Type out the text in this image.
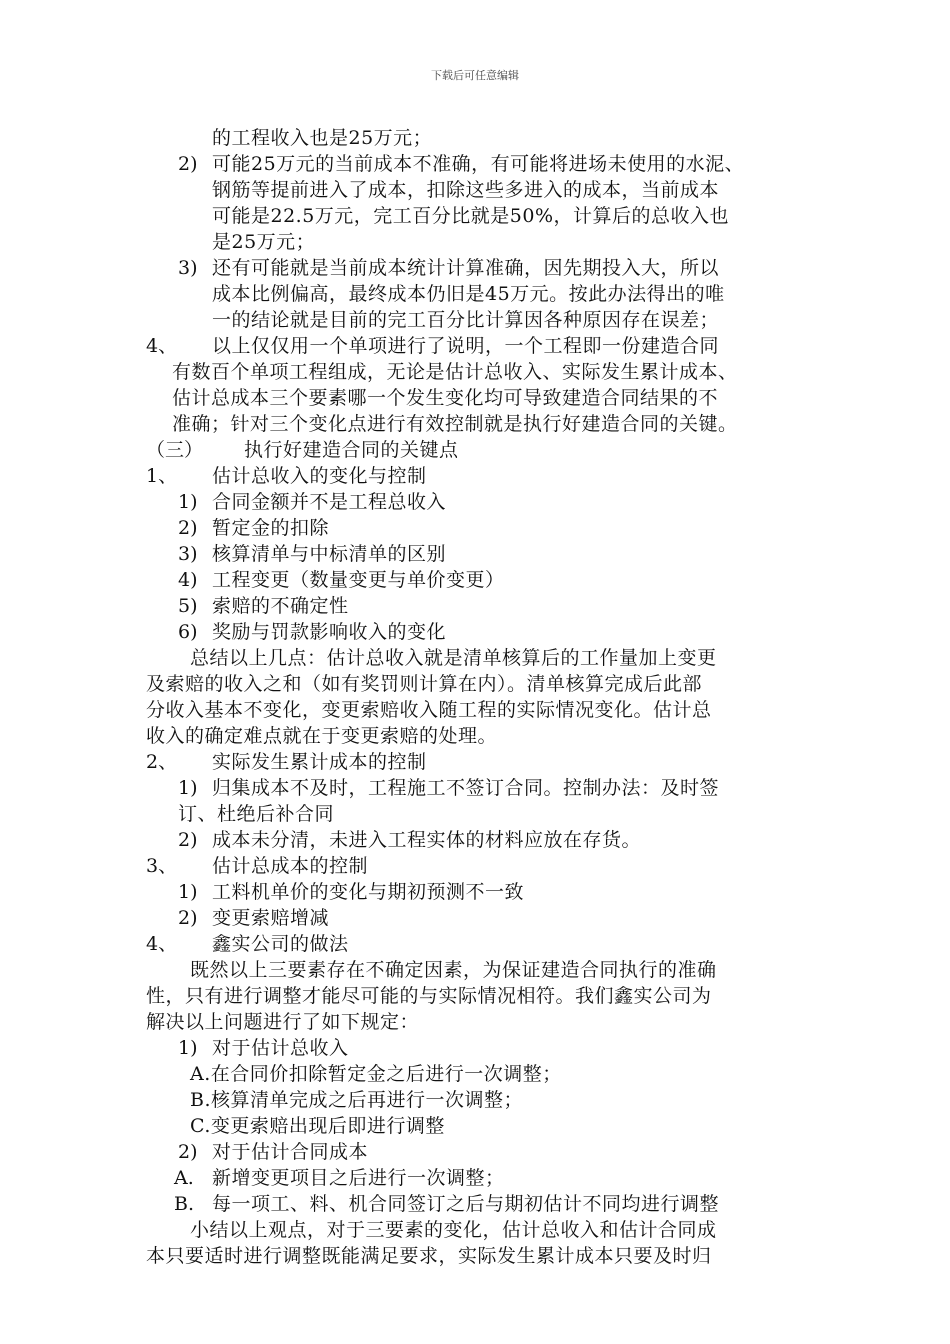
下载后可任意编辑
的工程收入也是25万元；
2) 可能25万元的当前成本不准确，有可能将进场未使用的水泥、
钢筋等提前进入了成本，扣除这些多进入的成本，当前成本
可能是22.5万元，完工百分比就是50%，计算后的总收入也
是25万元；
3) 还有可能就是当前成本统计计算准确，因先期投入大，所以
成本比例偏高，最终成本仍旧是45万元。按此办法得出的唯
一的结论就是目前的完工百分比计算因各种原因存在误差；
4、 以上仅仅用一个单项进行了说明，一个工程即一份建造合同
有数百个单项工程组成，无论是估计总收入、实际发生累计成本、
估计总成本三个要素哪一个发生变化均可导致建造合同结果的不
准确；针对三个变化点进行有效控制就是执行好建造合同的关键。
（三） 执行好建造合同的关键点
1、 估计总收入的变化与控制
1) 合同金额并不是工程总收入
2) 暂定金的扣除
3) 核算清单与中标清单的区别
4) 工程变更（数量变更与单价变更）
5) 索赔的不确定性
6) 奖励与罚款影响收入的变化
总结以上几点：估计总收入就是清单核算后的工作量加上变更
及索赔的收入之和（如有奖罚则计算在内）。清单核算完成后此部
分收入基本不变化，变更索赔收入随工程的实际情况变化。估计总
收入的确定难点就在于变更索赔的处理。
2、 实际发生累计成本的控制
1) 归集成本不及时，工程施工不签订合同。控制办法：及时签
订、杜绝后补合同
2) 成本未分清，未进入工程实体的材料应放在存货。
3、 估计总成本的控制
1) 工料机单价的变化与期初预测不一致
2) 变更索赔增减
4、 鑫实公司的做法
既然以上三要素存在不确定因素，为保证建造合同执行的准确
性，只有进行调整才能尽可能的与实际情况相符。我们鑫实公司为
解决以上问题进行了如下规定：
1) 对于估计总收入
A.在合同价扣除暂定金之后进行一次调整；
B.核算清单完成之后再进行一次调整；
C.变更索赔出现后即进行调整
2) 对于估计合同成本
A. 新增变更项目之后进行一次调整；
B. 每一项工、料、机合同签订之后与期初估计不同均进行调整
小结以上观点，对于三要素的变化，估计总收入和估计合同成
本只要适时进行调整既能满足要求，实际发生累计成本只要及时归
